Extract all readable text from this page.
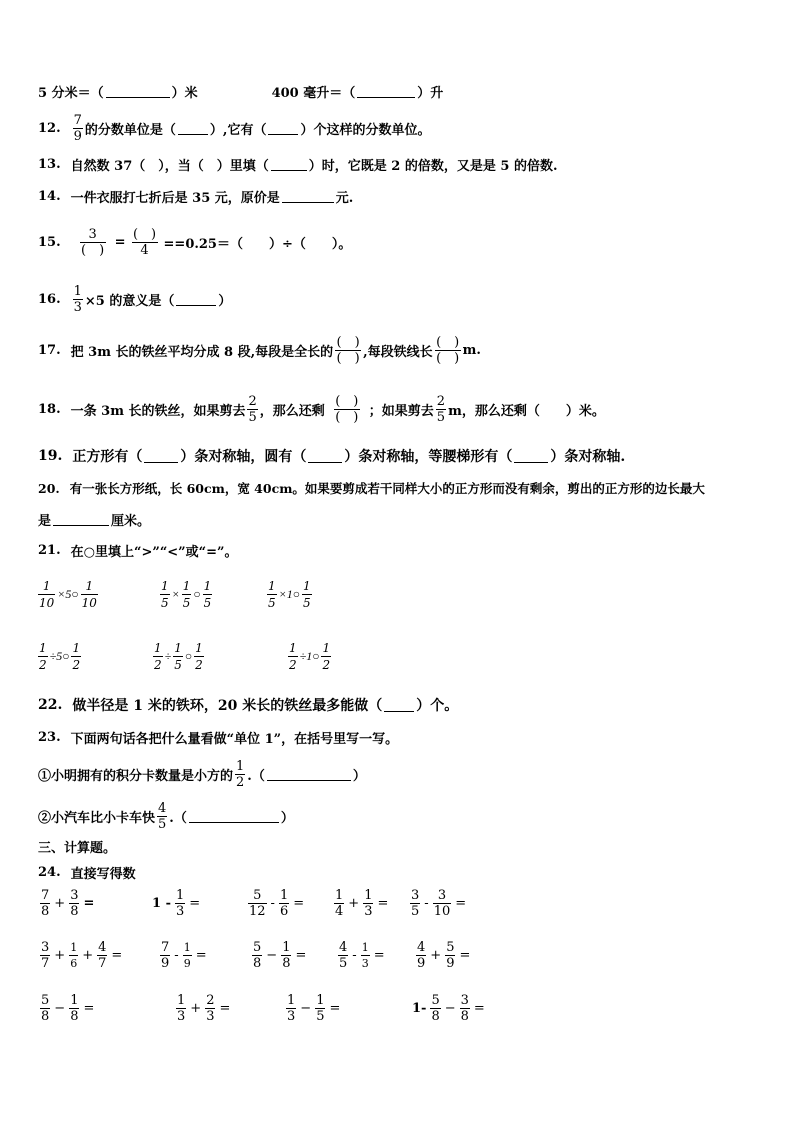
5 分米＝（	）米	400 毫升＝（	）升
12. $\frac{7}{9}$ 的分数单位是（	）,它有（	）个这样的分数单位。
13. 自然数 37（　），当（　）里填（	）时，它既是 2 的倍数，又是是 5 的倍数.
14. 一件衣服打七折后是 35 元，原价是	元.
15. $\frac{3}{( )} = \frac{( )}{4} ==0.25=$（　　）÷（　　）。
16. $\frac{1}{3} \times 5$ 的意义是（	）
17. 把 3m 长的铁丝平均分成 8 段,每段是全长的 $\frac{( )}{( )}$ ,每段铁线长 $\frac{( )}{( )} m$.
18. 一条 3m 长的铁丝，如果剪去 $\frac{2}{5}$ ，那么还剩 $\frac{( )}{( )}$ ；如果剪去 $\frac{2}{5}$ m，那么还剩（　　）米。
19. 正方形有（	）条对称轴，圆有（	）条对称轴，等腰梯形有（	）条对称轴.
20. 有一张长方形纸，长 60cm，宽 40cm。如果要剪成若干同样大小的正方形而没有剩余，剪出的正方形的边长最大
是	厘米。
21. 在○里填上“>”“<”或“=”。
$\frac{1}{10}$ ×5○ $\frac{1}{10}$	$\frac{1}{5} \times \frac{1}{5}$ ○ $\frac{1}{5}$	$\frac{1}{5}$ ×1○ $\frac{1}{5}$
$\frac{1}{2}$ ÷5○ $\frac{1}{2}$	$\frac{1}{2} \div \frac{1}{5}$ ○ $\frac{1}{2}$	$\frac{1}{2}$ ÷1○ $\frac{1}{2}$
22. 做半径是 1 米的铁环，20 米长的铁丝最多能做（ ）个。
23. 下面两句话各把什么量看做“单位 1”，在括号里写一写。
①小明拥有的积分卡数量是小方的 $\frac{1}{2}$ .（	）
②小汽车比小卡车快 $\frac{4}{5}$ .（	）
三、计算题。
24. 直接写得数
$\frac{7}{8} + \frac{3}{8}$ =	$1 - \frac{1}{3}$ =	$\frac{5}{12} - \frac{1}{6} = \frac{1}{4} + \frac{1}{3} = \frac{3}{5} - \frac{3}{10}$ =
$\frac{3}{7} + \frac{1}{6} + \frac{4}{7}$ =	$\frac{7}{9} - \frac{1}{9}$ =	$\frac{5}{8} - \frac{1}{8} = \frac{4}{5} - \frac{1}{3} = \frac{4}{9} + \frac{5}{9}$ =
$\frac{5}{8} - \frac{1}{8}$ =	$\frac{1}{3} + \frac{2}{3}$ =	$\frac{1}{3} - \frac{1}{5}$ =	$1- \frac{5}{8} - \frac{3}{8}$ =
